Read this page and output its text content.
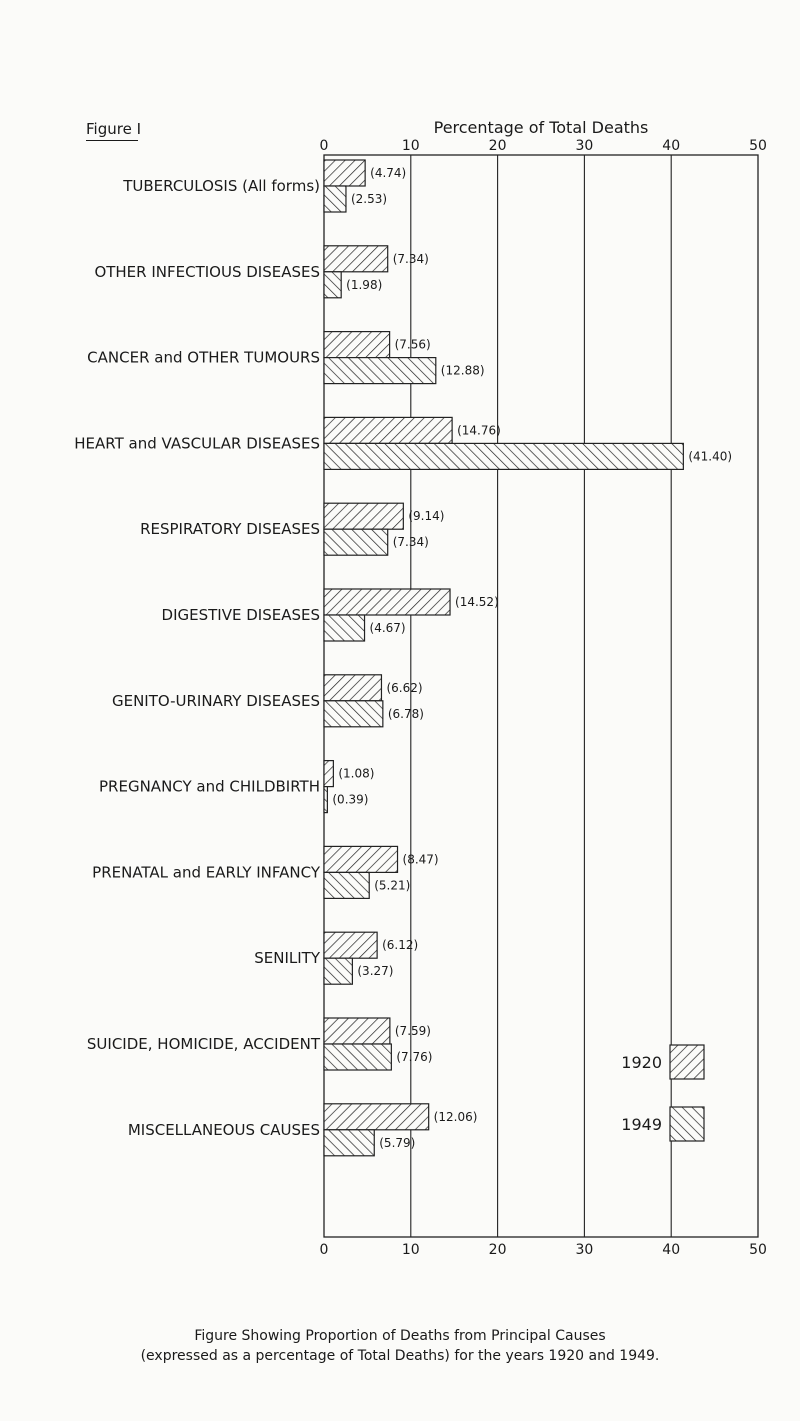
Figure I	Percentage of Total Deaths
0
0
10
10
20
20
30
30
40
40
50
50
TUBERCULOSIS (All forms)
(4.74)
(2.53)
OTHER INFECTIOUS DISEASES
(7.34)
(1.98)
CANCER and OTHER TUMOURS
(7.56)
(12.88)
HEART and VASCULAR DISEASES
(14.76)
(41.40)
RESPIRATORY DISEASES
(9.14)
(7.34)
DIGESTIVE DISEASES
(14.52)
(4.67)
GENITO-URINARY DISEASES
(6.62)
(6.78)
PREGNANCY and CHILDBIRTH
(1.08)
(0.39)
PRENATAL and EARLY INFANCY
(8.47)
(5.21)
SENILITY
(6.12)
(3.27)
SUICIDE, HOMICIDE, ACCIDENT
(7.59)
(7.76)
MISCELLANEOUS CAUSES
(12.06)
(5.79)
1920
1949
Figure Showing Proportion of Deaths from Principal Causes
(expressed as a percentage of Total Deaths) for the years 1920 and 1949.
